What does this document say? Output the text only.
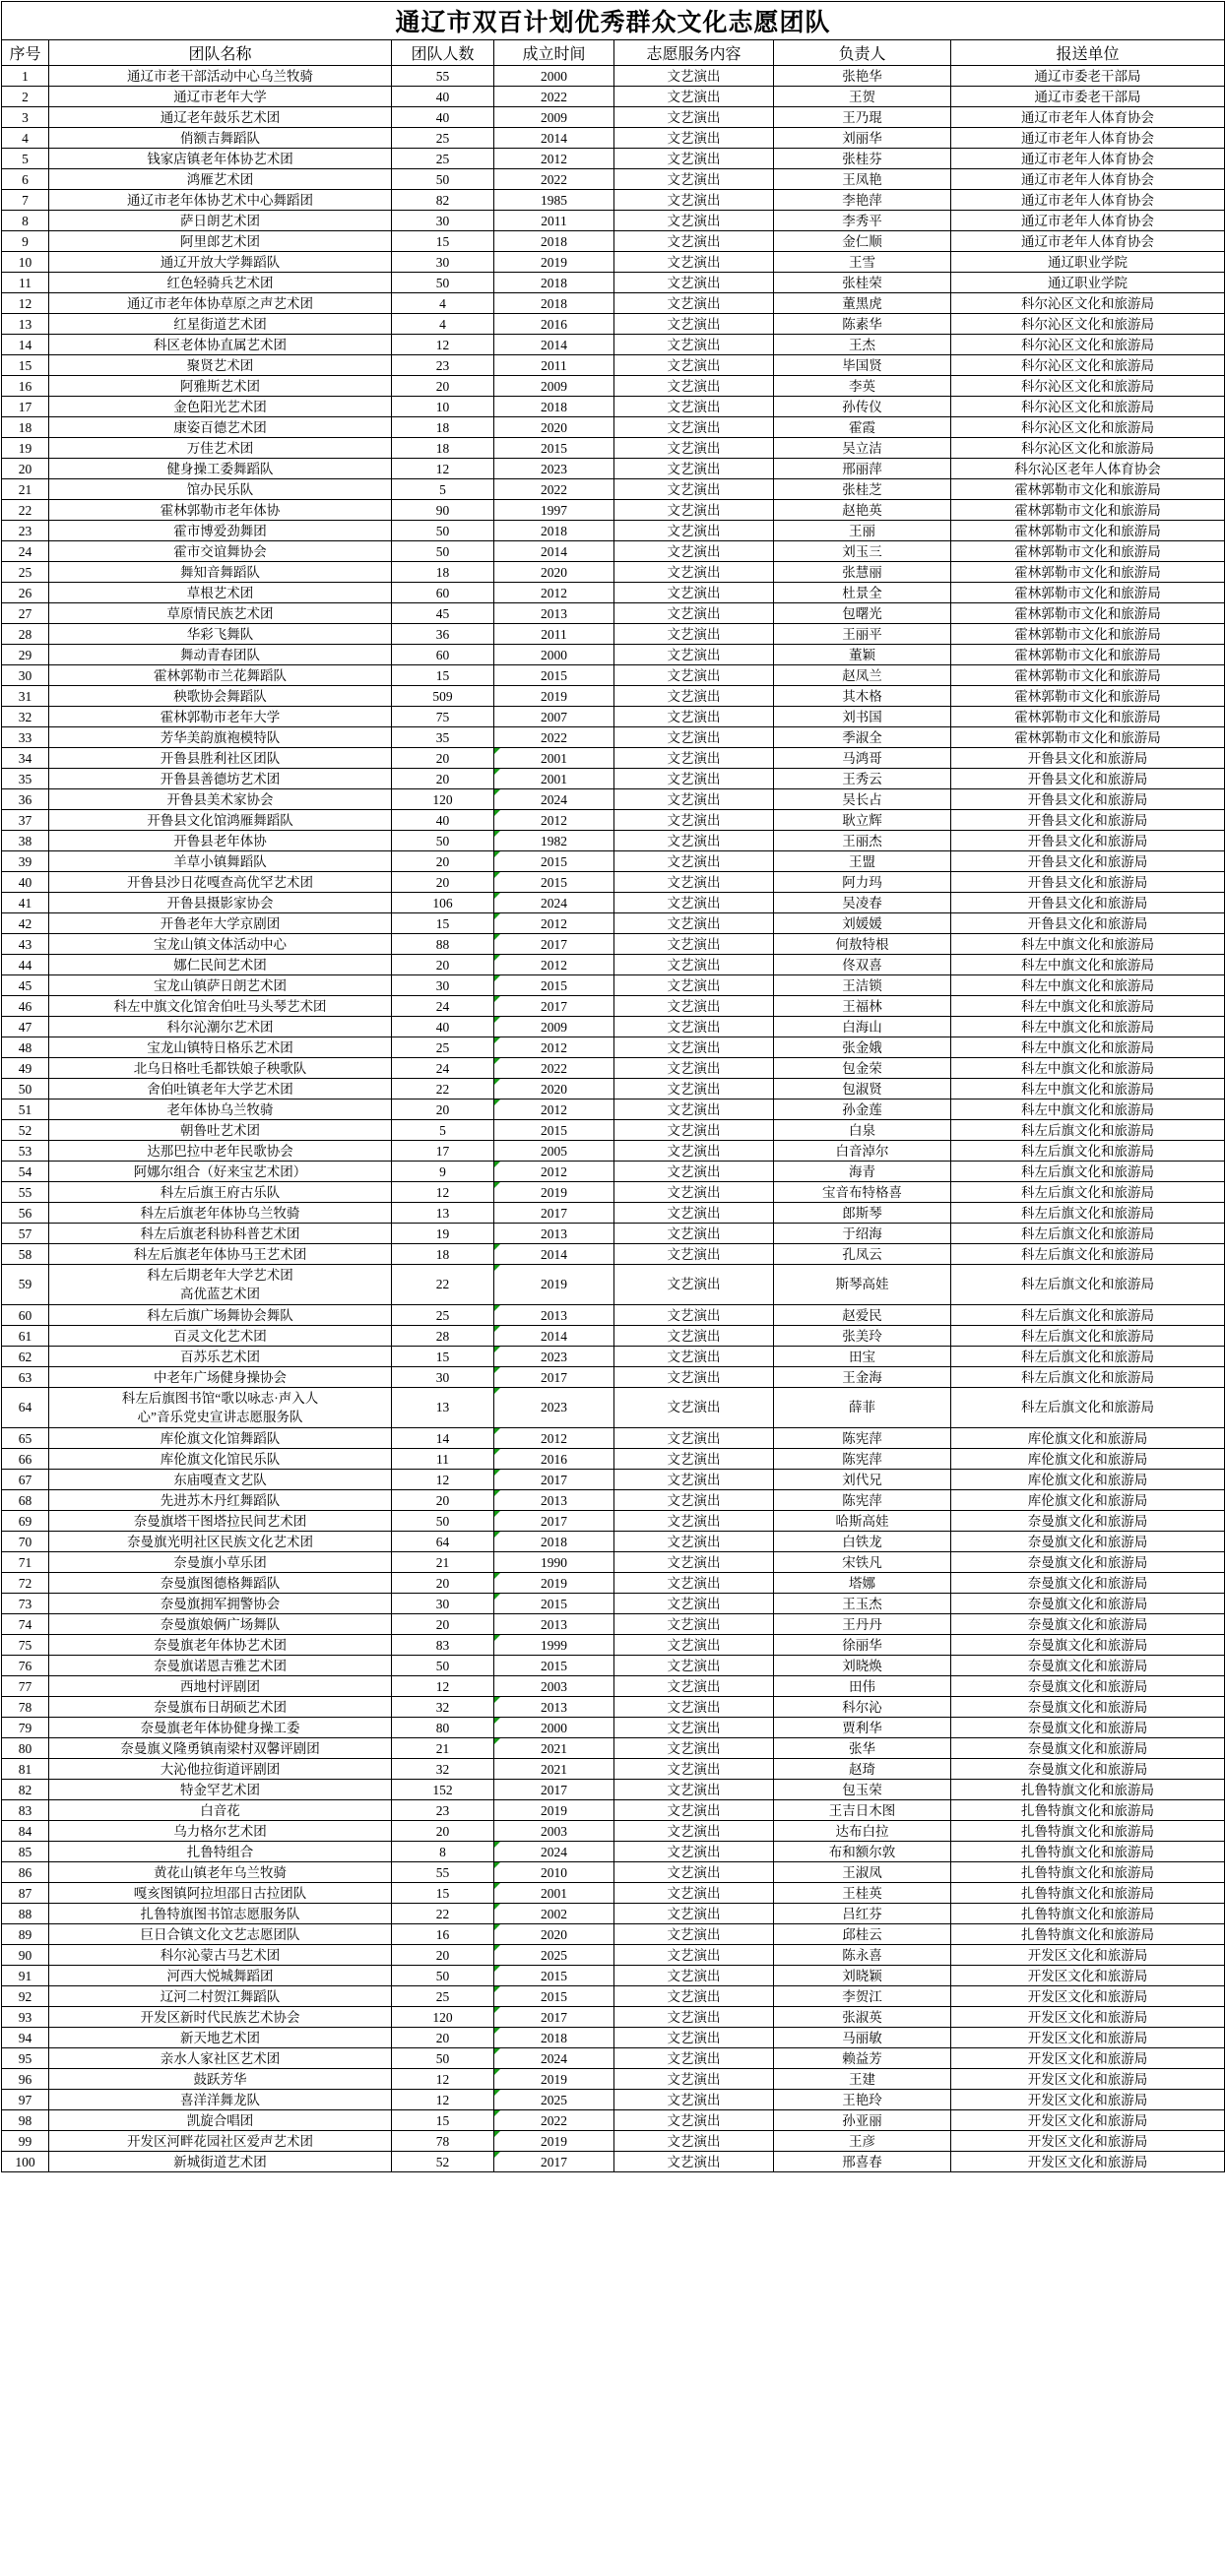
通辽市双百计划优秀群众文化志愿团队						
序号	团队名称	团队人数	成立时间	志愿服务内容	负责人	报送单位
1	通辽市老干部活动中心乌兰牧骑	55	2000	文艺演出	张艳华	通辽市委老干部局
2	通辽市老年大学	40	2022	文艺演出	王贺	通辽市委老干部局
3	通辽老年鼓乐艺术团	40	2009	文艺演出	王乃琨	通辽市老年人体育协会
4	俏额吉舞蹈队	25	2014	文艺演出	刘丽华	通辽市老年人体育协会
5	钱家店镇老年体协艺术团	25	2012	文艺演出	张桂芬	通辽市老年人体育协会
6	鸿雁艺术团	50	2022	文艺演出	王凤艳	通辽市老年人体育协会
7	通辽市老年体协艺术中心舞蹈团	82	1985	文艺演出	李艳萍	通辽市老年人体育协会
8	萨日朗艺术团	30	2011	文艺演出	李秀平	通辽市老年人体育协会
9	阿里郎艺术团	15	2018	文艺演出	金仁顺	通辽市老年人体育协会
10	通辽开放大学舞蹈队	30	2019	文艺演出	王雪	通辽职业学院
11	红色轻骑兵艺术团	50	2018	文艺演出	张桂荣	通辽职业学院
12	通辽市老年体协草原之声艺术团	4	2018	文艺演出	董黑虎	科尔沁区文化和旅游局
13	红星街道艺术团	4	2016	文艺演出	陈素华	科尔沁区文化和旅游局
14	科区老体协直属艺术团	12	2014	文艺演出	王杰	科尔沁区文化和旅游局
15	聚贤艺术团	23	2011	文艺演出	毕国贤	科尔沁区文化和旅游局
16	阿雅斯艺术团	20	2009	文艺演出	李英	科尔沁区文化和旅游局
17	金色阳光艺术团	10	2018	文艺演出	孙传仪	科尔沁区文化和旅游局
18	康姿百德艺术团	18	2020	文艺演出	霍霞	科尔沁区文化和旅游局
19	万佳艺术团	18	2015	文艺演出	吴立洁	科尔沁区文化和旅游局
20	健身操工委舞蹈队	12	2023	文艺演出	邢丽萍	科尔沁区老年人体育协会
21	馆办民乐队	5	2022	文艺演出	张桂芝	霍林郭勒市文化和旅游局
22	霍林郭勒市老年体协	90	1997	文艺演出	赵艳英	霍林郭勒市文化和旅游局
23	霍市博爱劲舞团	50	2018	文艺演出	王丽	霍林郭勒市文化和旅游局
24	霍市交谊舞协会	50	2014	文艺演出	刘玉三	霍林郭勒市文化和旅游局
25	舞知音舞蹈队	18	2020	文艺演出	张慧丽	霍林郭勒市文化和旅游局
26	草根艺术团	60	2012	文艺演出	杜景全	霍林郭勒市文化和旅游局
27	草原情民族艺术团	45	2013	文艺演出	包曙光	霍林郭勒市文化和旅游局
28	华彩飞舞队	36	2011	文艺演出	王丽平	霍林郭勒市文化和旅游局
29	舞动青春团队	60	2000	文艺演出	董颖	霍林郭勒市文化和旅游局
30	霍林郭勒市兰花舞蹈队	15	2015	文艺演出	赵凤兰	霍林郭勒市文化和旅游局
31	秧歌协会舞蹈队	509	2019	文艺演出	其木格	霍林郭勒市文化和旅游局
32	霍林郭勒市老年大学	75	2007	文艺演出	刘书国	霍林郭勒市文化和旅游局
33	芳华美韵旗袍模特队	35	2022	文艺演出	季淑全	霍林郭勒市文化和旅游局
34	开鲁县胜利社区团队	20	2001	文艺演出	马鸿哥	开鲁县文化和旅游局
35	开鲁县善德坊艺术团	20	2001	文艺演出	王秀云	开鲁县文化和旅游局
36	开鲁县美术家协会	120	2024	文艺演出	吴长占	开鲁县文化和旅游局
37	开鲁县文化馆鸿雁舞蹈队	40	2012	文艺演出	耿立辉	开鲁县文化和旅游局
38	开鲁县老年体协	50	1982	文艺演出	王丽杰	开鲁县文化和旅游局
39	羊草小镇舞蹈队	20	2015	文艺演出	王盟	开鲁县文化和旅游局
40	开鲁县沙日花嘎查高优罕艺术团	20	2015	文艺演出	阿力玛	开鲁县文化和旅游局
41	开鲁县摄影家协会	106	2024	文艺演出	吴凌春	开鲁县文化和旅游局
42	开鲁老年大学京剧团	15	2012	文艺演出	刘媛媛	开鲁县文化和旅游局
43	宝龙山镇文体活动中心	88	2017	文艺演出	何敖特根	科左中旗文化和旅游局
44	娜仁民间艺术团	20	2012	文艺演出	佟双喜	科左中旗文化和旅游局
45	宝龙山镇萨日朗艺术团	30	2015	文艺演出	王洁锁	科左中旗文化和旅游局
46	科左中旗文化馆舍伯吐马头琴艺术团	24	2017	文艺演出	王福林	科左中旗文化和旅游局
47	科尔沁潮尔艺术团	40	2009	文艺演出	白海山	科左中旗文化和旅游局
48	宝龙山镇特日格乐艺术团	25	2012	文艺演出	张金娥	科左中旗文化和旅游局
49	北乌日格吐毛都铁娘子秧歌队	24	2022	文艺演出	包金荣	科左中旗文化和旅游局
50	舍伯吐镇老年大学艺术团	22	2020	文艺演出	包淑贤	科左中旗文化和旅游局
51	老年体协乌兰牧骑	20	2012	文艺演出	孙金莲	科左中旗文化和旅游局
52	朝鲁吐艺术团	5	2015	文艺演出	白泉	科左后旗文化和旅游局
53	达那巴拉中老年民歌协会	17	2005	文艺演出	白音淖尔	科左后旗文化和旅游局
54	阿娜尔组合（好来宝艺术团）	9	2012	文艺演出	海青	科左后旗文化和旅游局
55	科左后旗王府古乐队	12	2019	文艺演出	宝音布特格喜	科左后旗文化和旅游局
56	科左后旗老年体协乌兰牧骑	13	2017	文艺演出	郎斯琴	科左后旗文化和旅游局
57	科左后旗老科协科普艺术团	19	2013	文艺演出	于绍海	科左后旗文化和旅游局
58	科左后旗老年体协马王艺术团	18	2014	文艺演出	孔凤云	科左后旗文化和旅游局
59	科左后期老年大学艺术团
高优蓝艺术团	22	2019	文艺演出	斯琴高娃	科左后旗文化和旅游局
60	科左后旗广场舞协会舞队	25	2013	文艺演出	赵爱民	科左后旗文化和旅游局
61	百灵文化艺术团	28	2014	文艺演出	张美玲	科左后旗文化和旅游局
62	百苏乐艺术团	15	2023	文艺演出	田宝	科左后旗文化和旅游局
63	中老年广场健身操协会	30	2017	文艺演出	王金海	科左后旗文化和旅游局
64	科左后旗图书馆“歌以咏志·声入人
心”音乐党史宣讲志愿服务队	13	2023	文艺演出	薛菲	科左后旗文化和旅游局
65	库伦旗文化馆舞蹈队	14	2012	文艺演出	陈宪萍	库伦旗文化和旅游局
66	库伦旗文化馆民乐队	11	2016	文艺演出	陈宪萍	库伦旗文化和旅游局
67	东庙嘎查文艺队	12	2017	文艺演出	刘代兄	库伦旗文化和旅游局
68	先进苏木丹红舞蹈队	20	2013	文艺演出	陈宪萍	库伦旗文化和旅游局
69	奈曼旗塔干图塔拉民间艺术团	50	2017	文艺演出	哈斯高娃	奈曼旗文化和旅游局
70	奈曼旗光明社区民族文化艺术团	64	2018	文艺演出	白铁龙	奈曼旗文化和旅游局
71	奈曼旗小草乐团	21	1990	文艺演出	宋铁凡	奈曼旗文化和旅游局
72	奈曼旗图德格舞蹈队	20	2019	文艺演出	塔娜	奈曼旗文化和旅游局
73	奈曼旗拥军拥警协会	30	2015	文艺演出	王玉杰	奈曼旗文化和旅游局
74	奈曼旗娘俩广场舞队	20	2013	文艺演出	王丹丹	奈曼旗文化和旅游局
75	奈曼旗老年体协艺术团	83	1999	文艺演出	徐丽华	奈曼旗文化和旅游局
76	奈曼旗诺恩吉雅艺术团	50	2015	文艺演出	刘晓焕	奈曼旗文化和旅游局
77	西地村评剧团	12	2003	文艺演出	田伟	奈曼旗文化和旅游局
78	奈曼旗布日胡硕艺术团	32	2013	文艺演出	科尔沁	奈曼旗文化和旅游局
79	奈曼旗老年体协健身操工委	80	2000	文艺演出	贾利华	奈曼旗文化和旅游局
80	奈曼旗义隆勇镇南梁村双馨评剧团	21	2021	文艺演出	张华	奈曼旗文化和旅游局
81	大沁他拉街道评剧团	32	2021	文艺演出	赵琦	奈曼旗文化和旅游局
82	特金罕艺术团	152	2017	文艺演出	包玉荣	扎鲁特旗文化和旅游局
83	白音花	23	2019	文艺演出	王吉日木图	扎鲁特旗文化和旅游局
84	乌力格尔艺术团	20	2003	文艺演出	达布白拉	扎鲁特旗文化和旅游局
85	扎鲁特组合	8	2024	文艺演出	布和额尔敦	扎鲁特旗文化和旅游局
86	黄花山镇老年乌兰牧骑	55	2010	文艺演出	王淑凤	扎鲁特旗文化和旅游局
87	嘎亥图镇阿拉坦邵日古拉团队	15	2001	文艺演出	王桂英	扎鲁特旗文化和旅游局
88	扎鲁特旗图书馆志愿服务队	22	2002	文艺演出	吕红芬	扎鲁特旗文化和旅游局
89	巨日合镇文化文艺志愿团队	16	2020	文艺演出	邱桂云	扎鲁特旗文化和旅游局
90	科尔沁蒙古马艺术团	20	2025	文艺演出	陈永喜	开发区文化和旅游局
91	河西大悦城舞蹈团	50	2015	文艺演出	刘晓颖	开发区文化和旅游局
92	辽河二村贺江舞蹈队	25	2015	文艺演出	李贺江	开发区文化和旅游局
93	开发区新时代民族艺术协会	120	2017	文艺演出	张淑英	开发区文化和旅游局
94	新天地艺术团	20	2018	文艺演出	马丽敏	开发区文化和旅游局
95	亲水人家社区艺术团	50	2024	文艺演出	赖益芳	开发区文化和旅游局
96	鼓跃芳华	12	2019	文艺演出	王建	开发区文化和旅游局
97	喜洋洋舞龙队	12	2025	文艺演出	王艳玲	开发区文化和旅游局
98	凯旋合唱团	15	2022	文艺演出	孙亚丽	开发区文化和旅游局
99	开发区河畔花园社区爱声艺术团	78	2019	文艺演出	王彦	开发区文化和旅游局
100	新城街道艺术团	52	2017	文艺演出	邢喜春	开发区文化和旅游局
